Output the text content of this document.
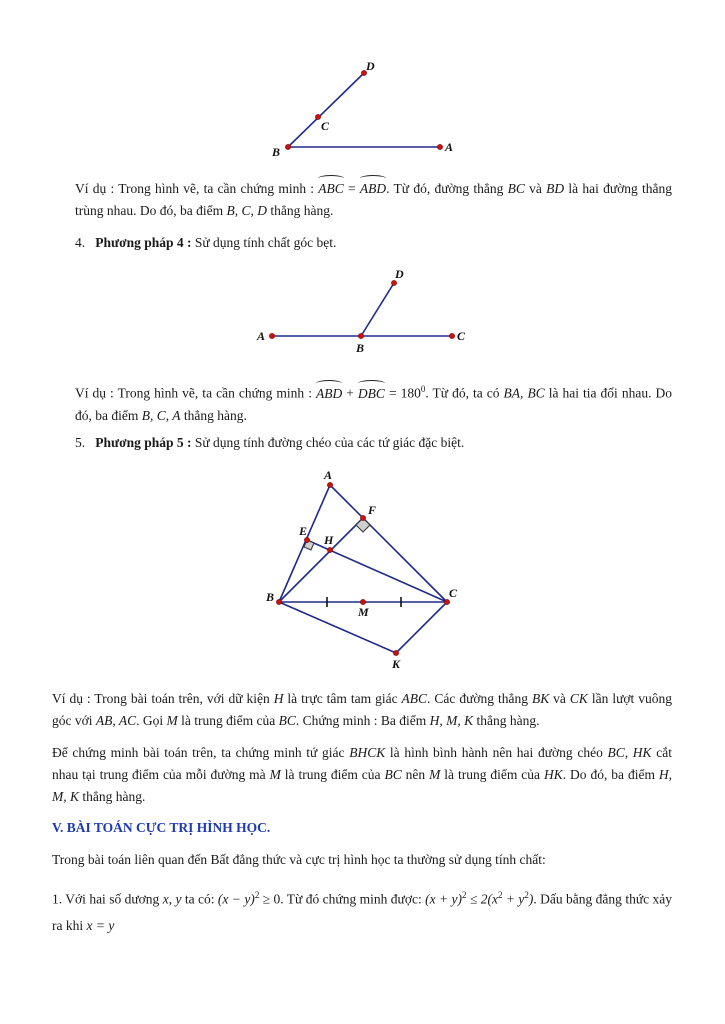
D
C
B	A

Ví dụ : Trong hình vẽ, ta cần chứng minh : ABC = ABD. Từ đó, đường thẳng BC và BD là hai đường thẳng trùng nhau. Do đó, ba điểm B, C, D thẳng hàng.

4. Phương pháp 4 : Sử dụng tính chất góc bẹt.

D
A
B
C

Ví dụ : Trong hình vẽ, ta cần chứng minh : ABD + DBC = $180^0$. Từ đó, ta có BA, BC là hai tia đối nhau. Do đó, ba điểm B, C, A thẳng hàng.

5. Phương pháp 5 : Sử dụng tính đường chéo của các tứ giác đặc biệt.

A
F
E
H
B
M
C
K

Ví dụ : Trong bài toán trên, với dữ kiện H là trực tâm tam giác ABC. Các đường thẳng BK và CK lần lượt vuông góc với AB, AC. Gọi M là trung điểm của BC. Chứng minh : Ba điểm H, M, K thẳng hàng.

Để chứng minh bài toán trên, ta chứng minh tứ giác BHCK là hình bình hành nên hai đường chéo BC, HK cắt nhau tại trung điểm của mỗi đường mà M là trung điểm của BC nên M là trung điểm của HK. Do đó, ba điểm H, M, K thẳng hàng.

V. BÀI TOÁN CỰC TRỊ HÌNH HỌC.

Trong bài toán liên quan đến Bất đẳng thức và cực trị hình học ta thường sử dụng tính chất:

1. Với hai số dương x, y ta có: $(x - y)^2 \ge 0$. Từ đó chứng minh được: $(x + y)^2 \le 2(x^2 + y^2)$. Dấu bằng đẳng thức xảy ra khi x = y
